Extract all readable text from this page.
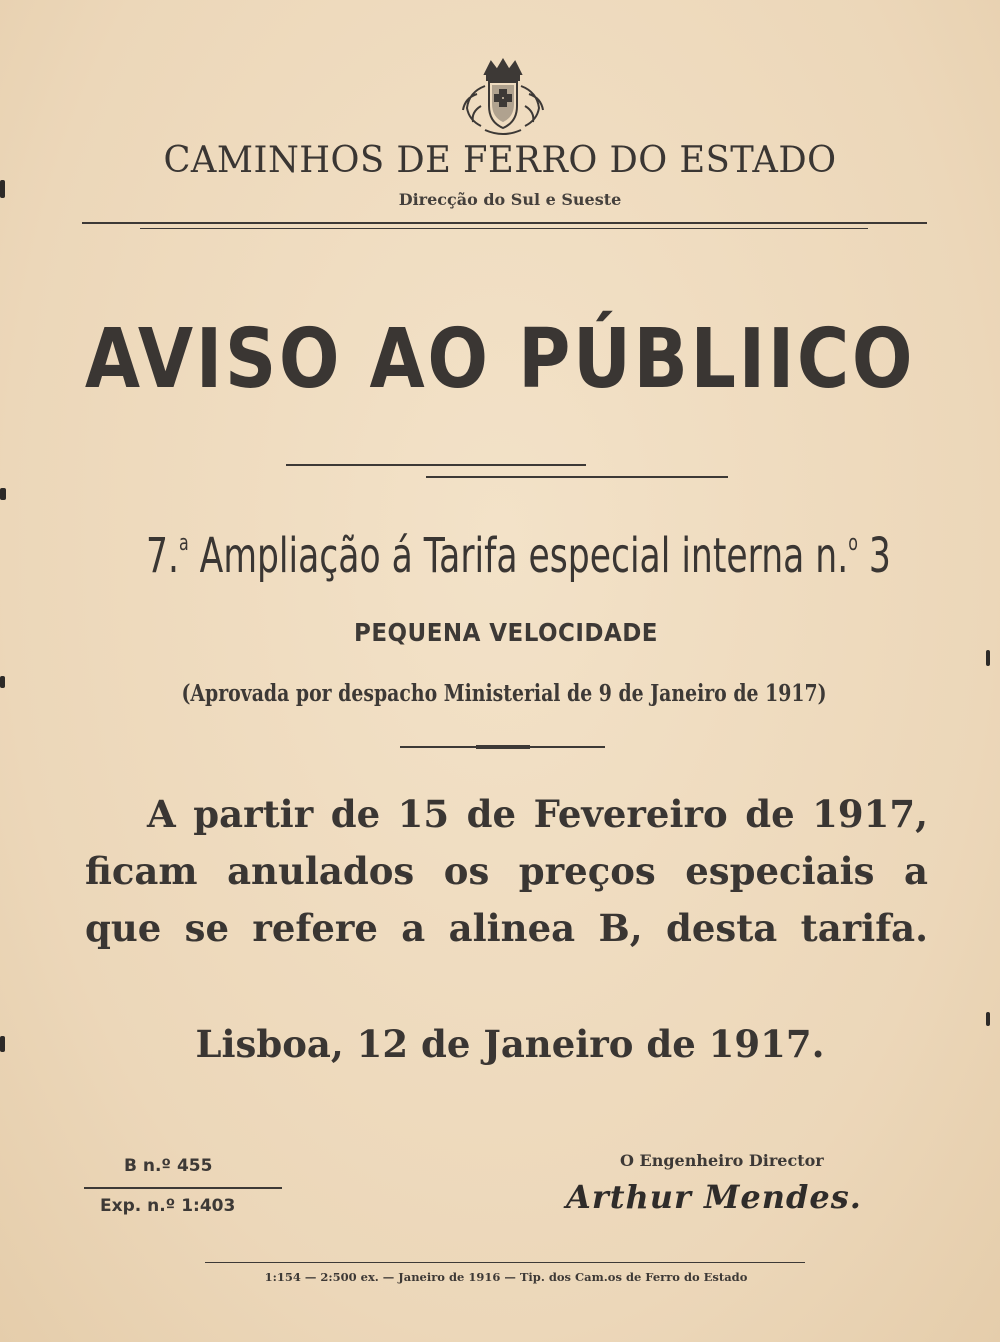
CAMINHOS DE FERRO DO ESTADO
Direcção do Sul e Sueste
AVISO AO PÚBLIICO
7.$^a$ Ampliação á Tarifa especial interna n.$^o$ 3
PEQUENA VELOCIDADE
(Aprovada por despacho Ministerial de 9 de Janeiro de 1917)
A partir de 15 de Fevereiro de 1917, ficam anulados os preços especiais a que se refere a alinea B, desta tarifa.
Lisboa, 12 de Janeiro de 1917.
B n.º 455
Exp. n.º 1:403
O Engenheiro Director
Arthur Mendes.
1:154 — 2:500 ex. — Janeiro de 1916 — Tip. dos Cam.os de Ferro do Estado
